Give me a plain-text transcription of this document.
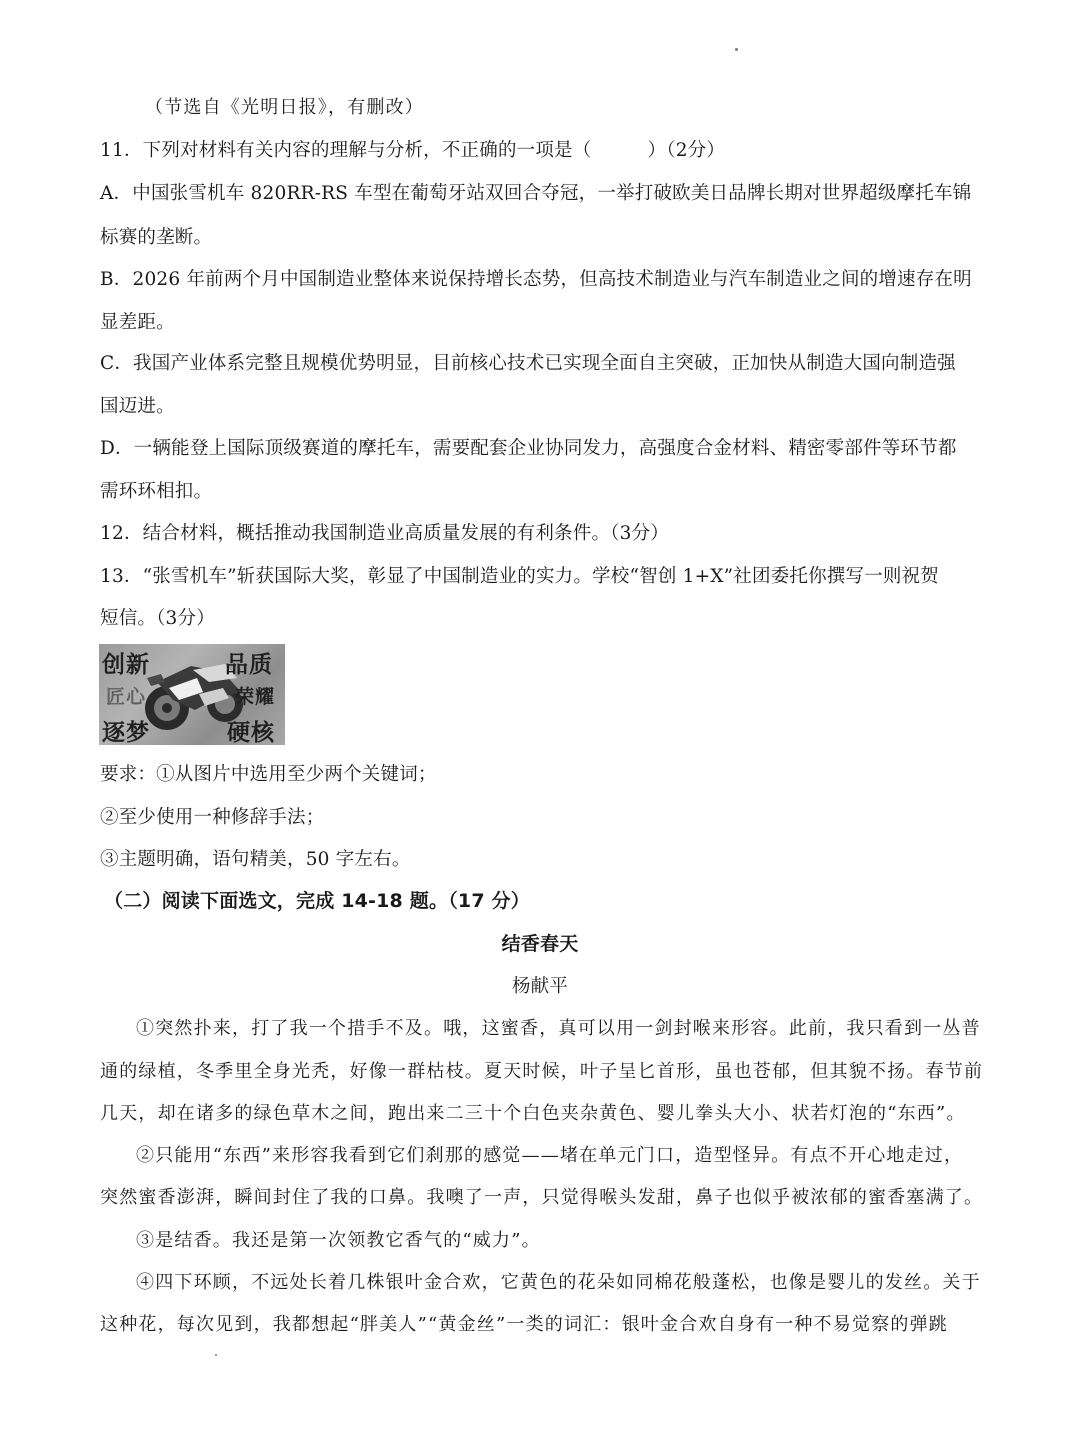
（节选自《光明日报》，有删改）
11．下列对材料有关内容的理解与分析，不正确的一项是（　　　）（2分）
A．中国张雪机车 820RR-RS 车型在葡萄牙站双回合夺冠，一举打破欧美日品牌长期对世界超级摩托车锦
标赛的垄断。
B．2026 年前两个月中国制造业整体来说保持增长态势，但高技术制造业与汽车制造业之间的增速存在明
显差距。
C．我国产业体系完整且规模优势明显，目前核心技术已实现全面自主突破，正加快从制造大国向制造强
国迈进。
D．一辆能登上国际顶级赛道的摩托车，需要配套企业协同发力，高强度合金材料、精密零部件等环节都
需环环相扣。
12．结合材料，概括推动我国制造业高质量发展的有利条件。（3分）
13．“张雪机车”斩获国际大奖，彰显了中国制造业的实力。学校“智创 1+X”社团委托你撰写一则祝贺
短信。（3分）
创新	品质
匠心	荣耀
逐梦	硬核
要求：①从图片中选用至少两个关键词；
②至少使用一种修辞手法；
③主题明确，语句精美，50 字左右。
（二）阅读下面选文，完成 14-18 题。（17 分）
结香春天
杨献平
①突然扑来，打了我一个措手不及。哦，这蜜香，真可以用一剑封喉来形容。此前，我只看到一丛普
通的绿植，冬季里全身光秃，好像一群枯枝。夏天时候，叶子呈匕首形，虽也苍郁，但其貌不扬。春节前
几天，却在诸多的绿色草木之间，跑出来二三十个白色夹杂黄色、婴儿拳头大小、状若灯泡的“东西”。
②只能用“东西”来形容我看到它们刹那的感觉——堵在单元门口，造型怪异。有点不开心地走过，
突然蜜香澎湃，瞬间封住了我的口鼻。我噢了一声，只觉得喉头发甜，鼻子也似乎被浓郁的蜜香塞满了。
③是结香。我还是第一次领教它香气的“威力”。
④四下环顾，不远处长着几株银叶金合欢，它黄色的花朵如同棉花般蓬松，也像是婴儿的发丝。关于
这种花，每次见到，我都想起“胖美人”“黄金丝”一类的词汇：银叶金合欢自身有一种不易觉察的弹跳
